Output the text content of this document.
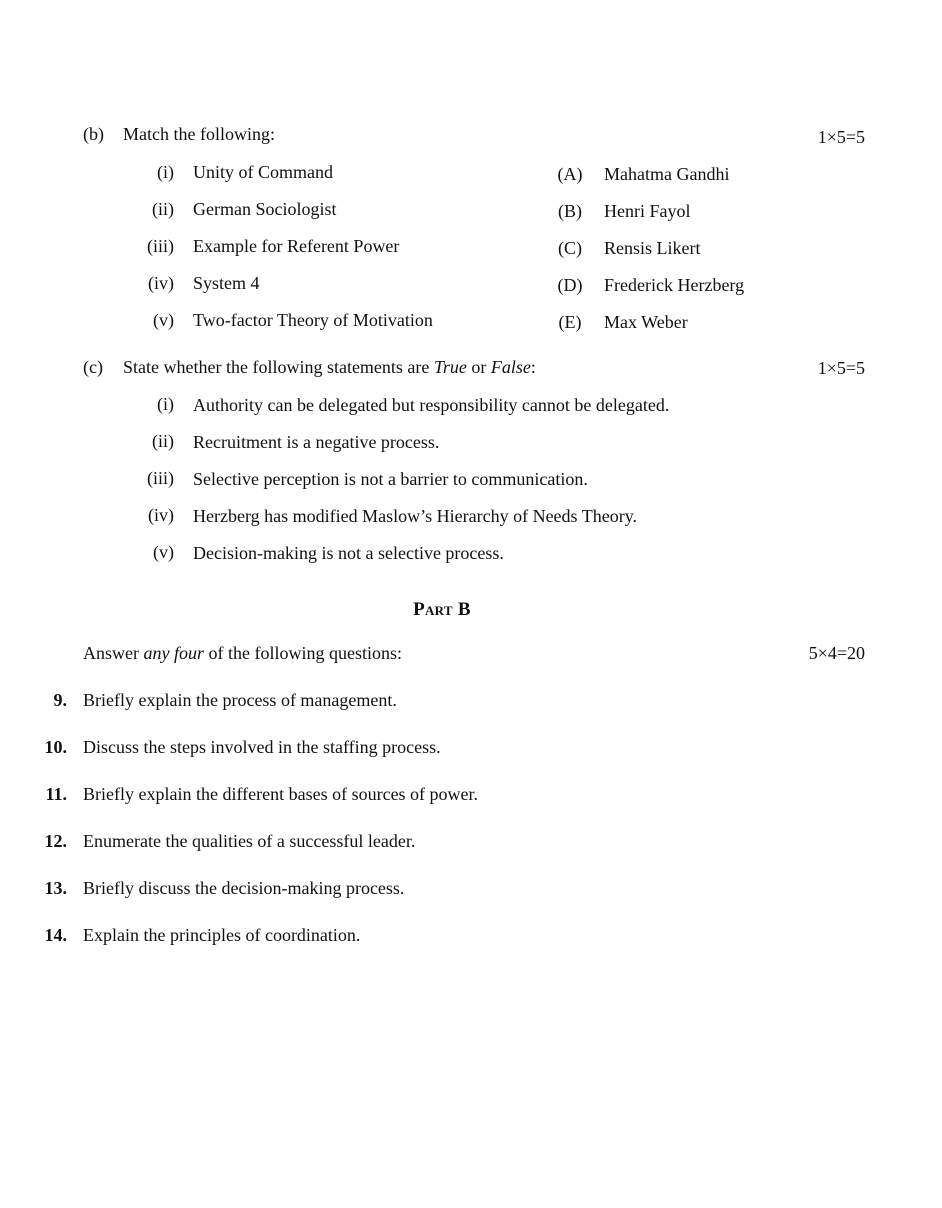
(b) Match the following:	1×5=5
(i) Unity of Command	(A)	Mahatma Gandhi
(ii) German Sociologist	(B)	Henri Fayol
(iii) Example for Referent Power	(C)	Rensis Likert
(iv) System 4	(D)	Frederick Herzberg
(v) Two-factor Theory of Motivation	(E)	Max Weber
(c) State whether the following statements are True or False:	1×5=5
(i) Authority can be delegated but responsibility cannot be delegated.
(ii) Recruitment is a negative process.
(iii) Selective perception is not a barrier to communication.
(iv) Herzberg has modified Maslow’s Hierarchy of Needs Theory.
(v) Decision-making is not a selective process.
Part B
Answer any four of the following questions:	5×4=20
9. Briefly explain the process of management.
10. Discuss the steps involved in the staffing process.
11. Briefly explain the different bases of sources of power.
12. Enumerate the qualities of a successful leader.
13. Briefly discuss the decision-making process.
14. Explain the principles of coordination.
